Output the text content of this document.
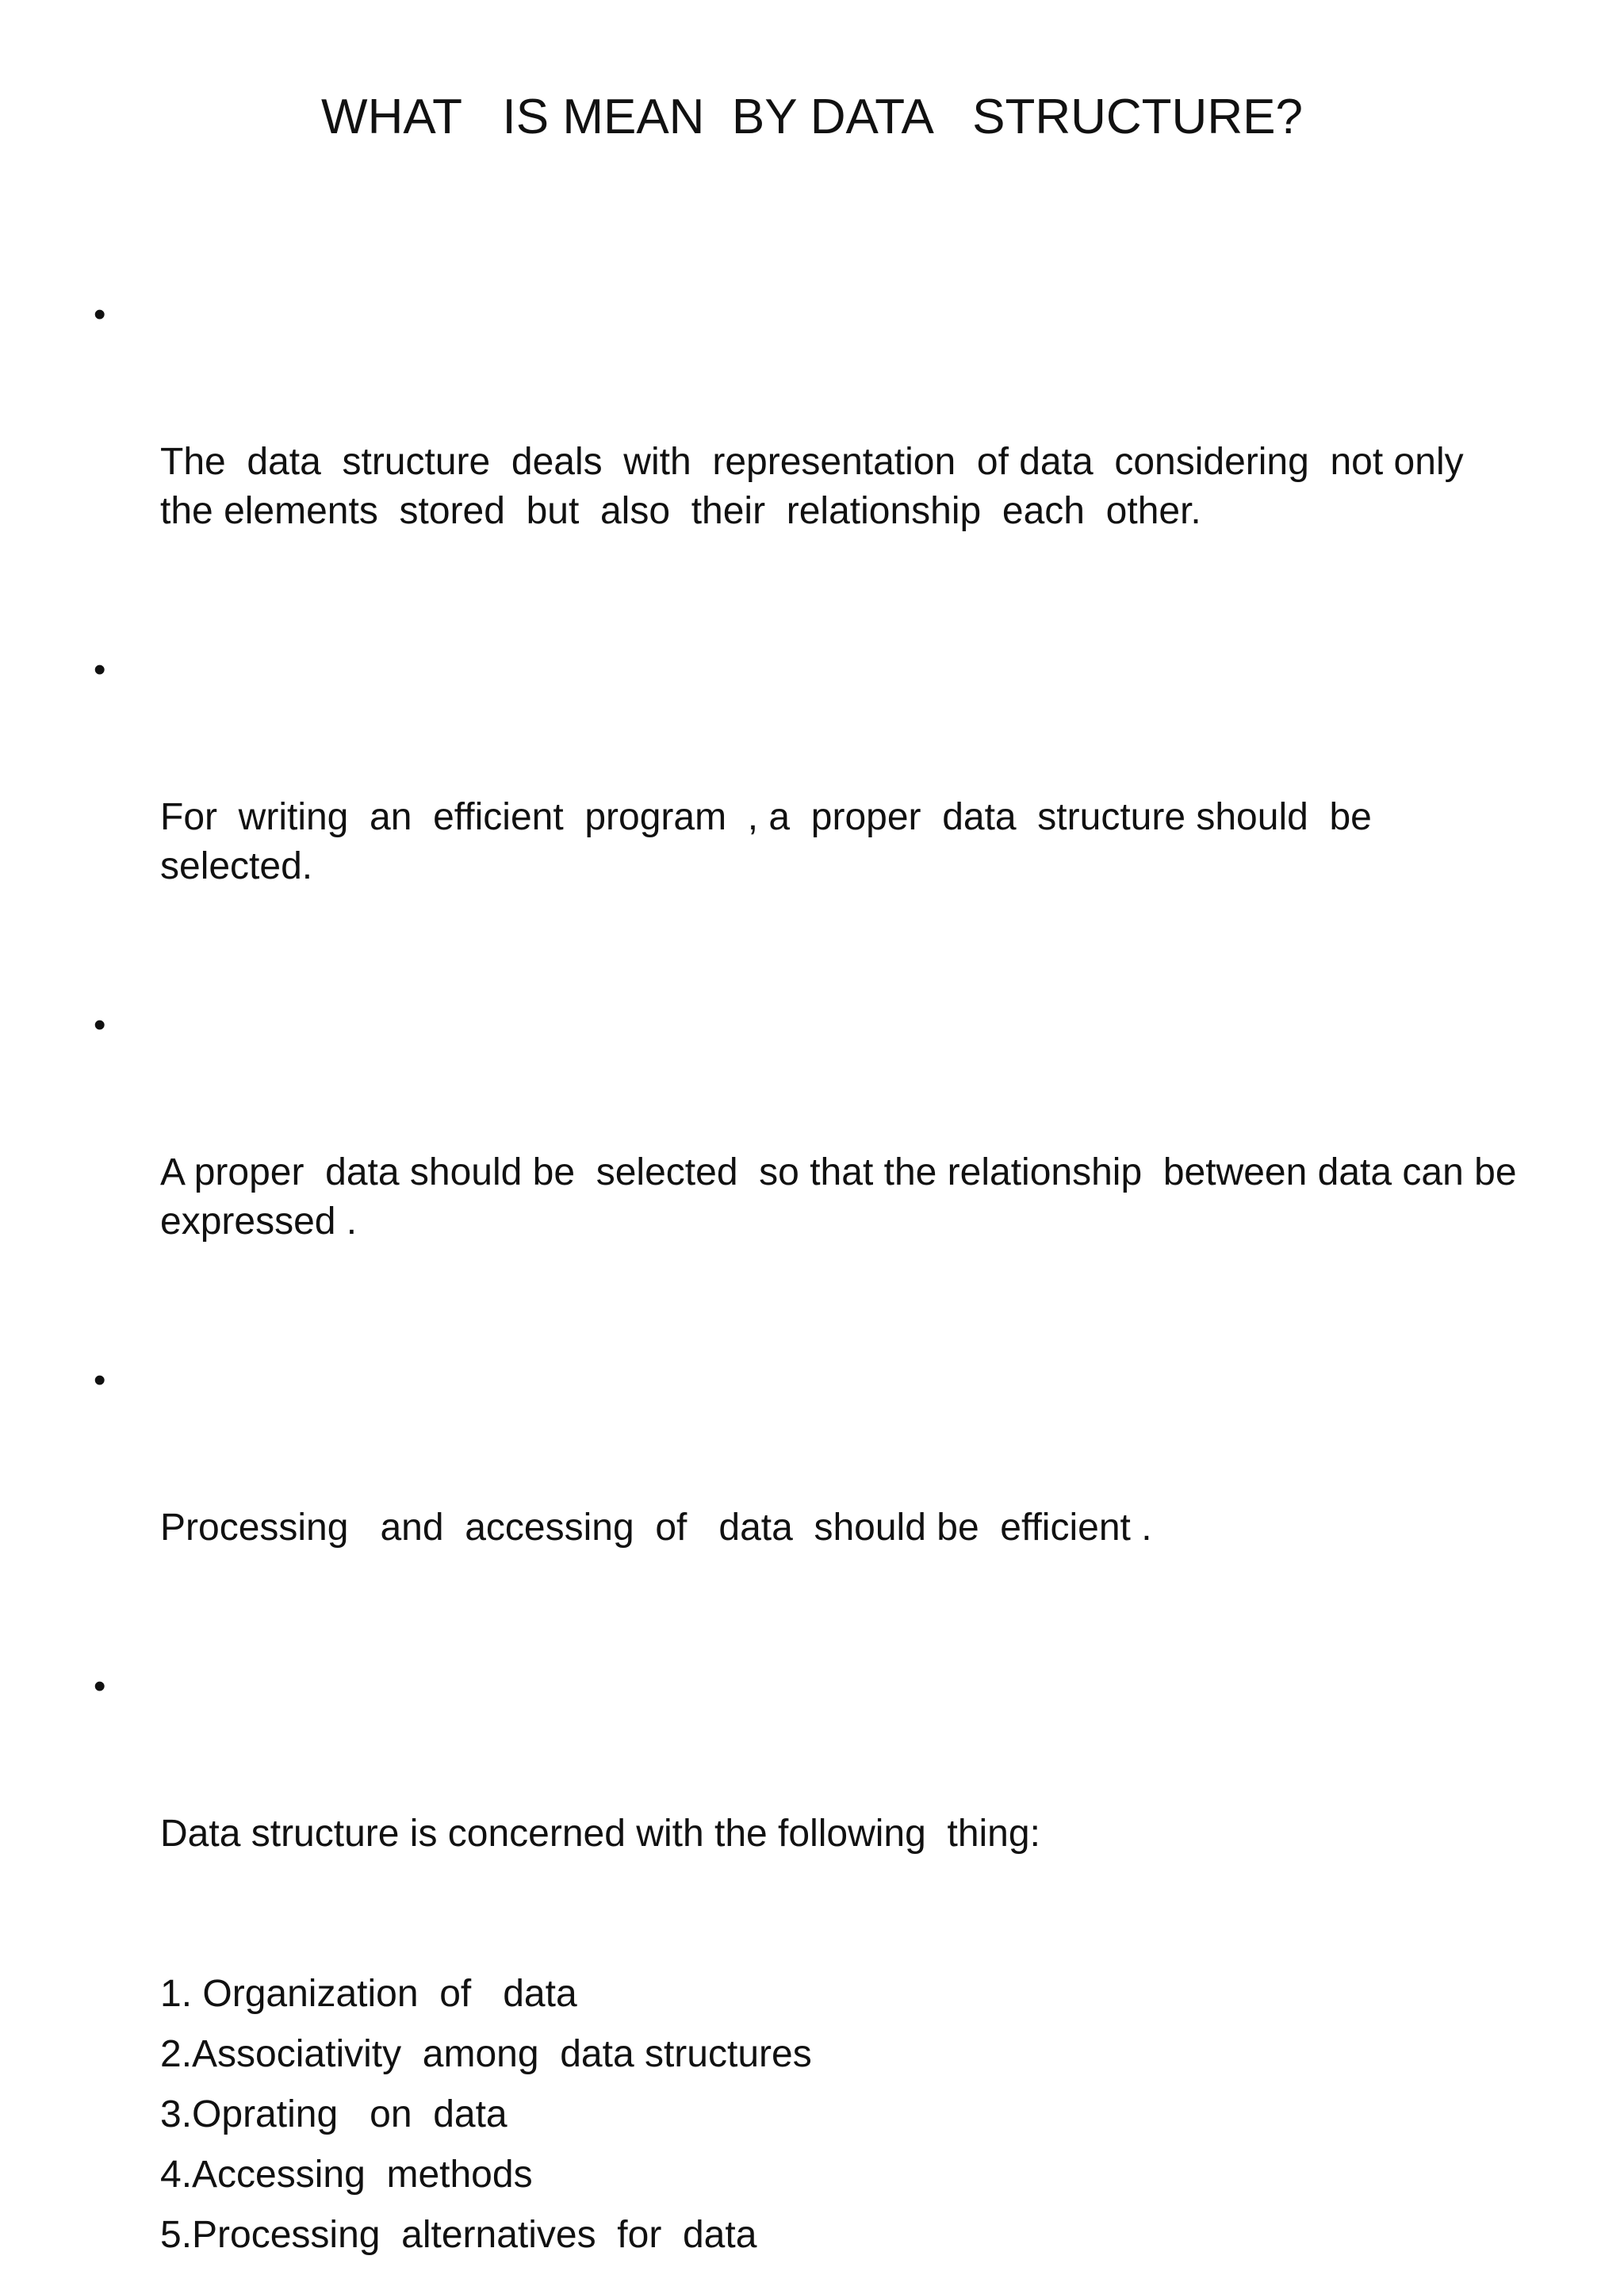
WHAT   IS MEAN  BY DATA   STRUCTURE?

•

The  data  structure  deals  with  representation  of data  considering  not only  the elements  stored  but  also  their  relationship  each  other.

•

For  writing  an  efficient  program  , a  proper  data  structure should  be selected.

•

A proper  data should be  selected  so that the relationship  between data can be expressed .

•

Processing   and  accessing  of   data  should be  efficient .

•

Data structure is concerned with the following  thing:

1. Organization  of   data
2.Associativity  among  data structures
3.Oprating   on  data
4.Accessing  methods
5.Processing  alternatives  for  data
